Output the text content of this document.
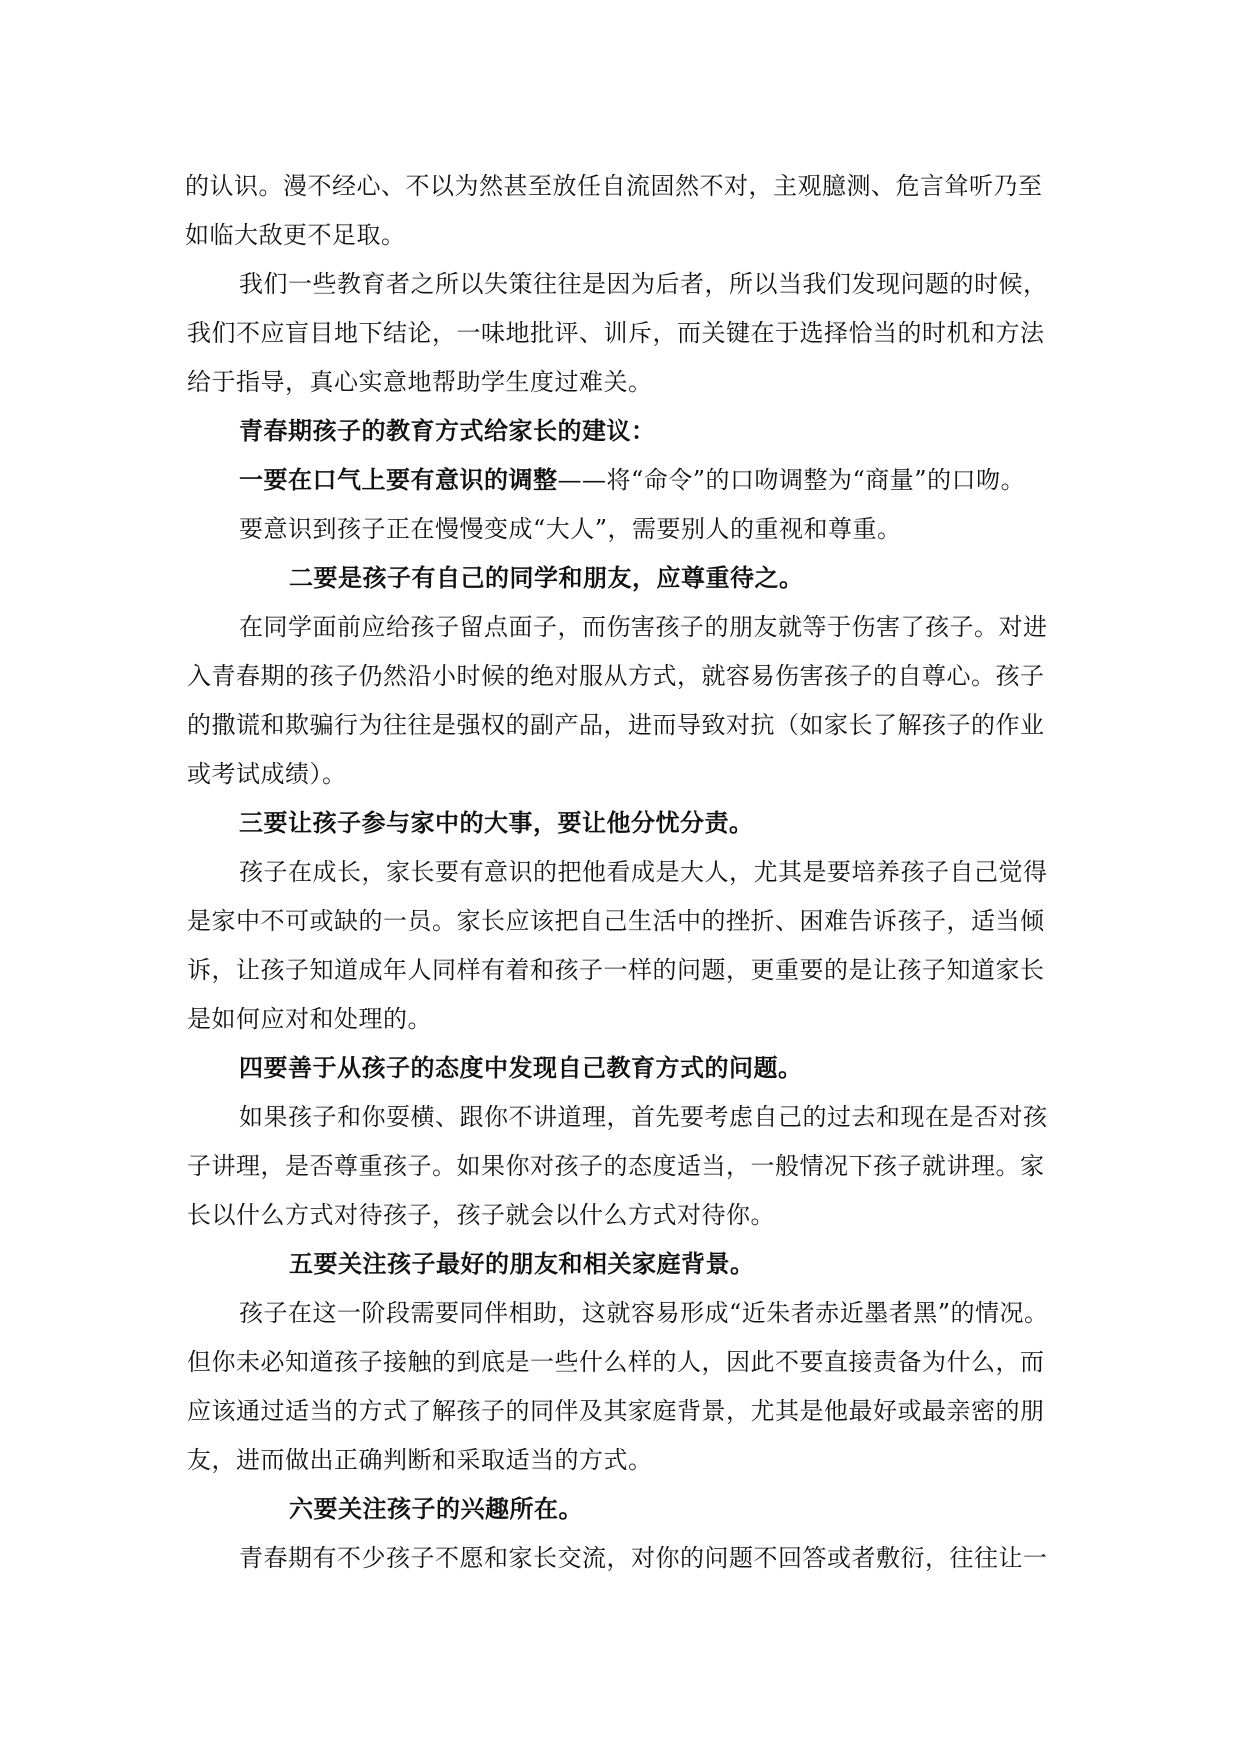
的认识。漫不经心、不以为然甚至放任自流固然不对，主观臆测、危言耸听乃至
如临大敌更不足取。
我们一些教育者之所以失策往往是因为后者，所以当我们发现问题的时候，
我们不应盲目地下结论，一味地批评、训斥，而关键在于选择恰当的时机和方法
给于指导，真心实意地帮助学生度过难关。
青春期孩子的教育方式给家长的建议：
一要在口气上要有意识的调整——将“命令”的口吻调整为“商量”的口吻。
要意识到孩子正在慢慢变成“大人”，需要别人的重视和尊重。
二要是孩子有自己的同学和朋友，应尊重待之。
在同学面前应给孩子留点面子，而伤害孩子的朋友就等于伤害了孩子。对进
入青春期的孩子仍然沿小时候的绝对服从方式，就容易伤害孩子的自尊心。孩子
的撒谎和欺骗行为往往是强权的副产品，进而导致对抗（如家长了解孩子的作业
或考试成绩）。
三要让孩子参与家中的大事，要让他分忧分责。
孩子在成长，家长要有意识的把他看成是大人，尤其是要培养孩子自己觉得
是家中不可或缺的一员。家长应该把自己生活中的挫折、困难告诉孩子，适当倾
诉，让孩子知道成年人同样有着和孩子一样的问题，更重要的是让孩子知道家长
是如何应对和处理的。
四要善于从孩子的态度中发现自己教育方式的问题。
如果孩子和你耍横、跟你不讲道理，首先要考虑自己的过去和现在是否对孩
子讲理，是否尊重孩子。如果你对孩子的态度适当，一般情况下孩子就讲理。家
长以什么方式对待孩子，孩子就会以什么方式对待你。
五要关注孩子最好的朋友和相关家庭背景。
孩子在这一阶段需要同伴相助，这就容易形成“近朱者赤近墨者黑”的情况。
但你未必知道孩子接触的到底是一些什么样的人，因此不要直接责备为什么，而
应该通过适当的方式了解孩子的同伴及其家庭背景，尤其是他最好或最亲密的朋
友，进而做出正确判断和采取适当的方式。
六要关注孩子的兴趣所在。
青春期有不少孩子不愿和家长交流，对你的问题不回答或者敷衍，往往让一
